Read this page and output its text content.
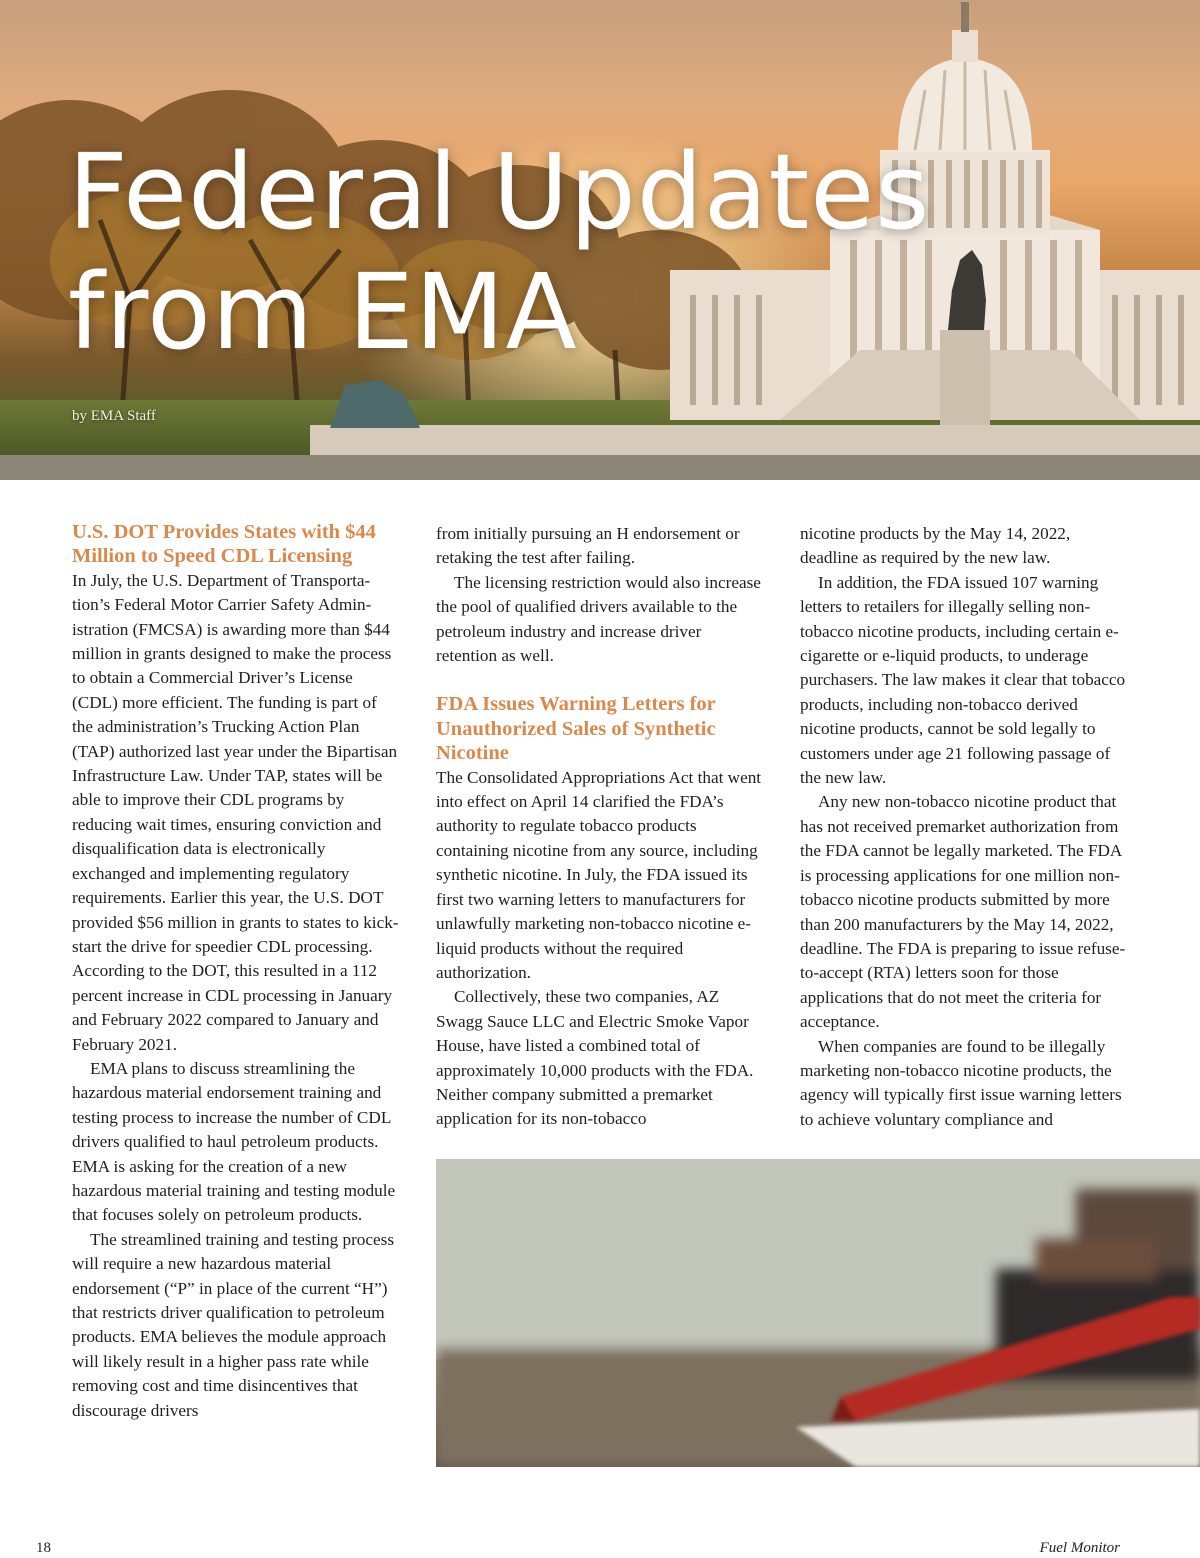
Federal Updates
from EMA
by EMA Staff
U.S. DOT Provides States with $44 Million to Speed CDL Licensing

In July, the U.S. Department of Transportation’s Federal Motor Carrier Safety Administration (FMCSA) is awarding more than $44 million in grants designed to make the process to obtain a Commercial Driver’s License (CDL) more efficient. The funding is part of the administration’s Trucking Action Plan (TAP) authorized last year under the Bipartisan Infrastructure Law. Under TAP, states will be able to improve their CDL programs by reducing wait times, ensuring conviction and disqualification data is electronically exchanged and implementing regulatory requirements. Earlier this year, the U.S. DOT provided $56 million in grants to states to kick-start the drive for speedier CDL processing. According to the DOT, this resulted in a 112 percent increase in CDL processing in January and February 2022 compared to January and February 2021.

EMA plans to discuss streamlining the hazardous material endorsement training and testing process to increase the number of CDL drivers qualified to haul petroleum products. EMA is asking for the creation of a new hazardous material training and testing module that focuses solely on petroleum products.

The streamlined training and testing process will require a new hazardous material endorsement (“P” in place of the current “H”) that restricts driver qualification to petroleum products. EMA believes the module approach will likely result in a higher pass rate while removing cost and time disincentives that discourage drivers

from initially pursuing an H endorsement or retaking the test after failing.

The licensing restriction would also increase the pool of qualified drivers available to the petroleum industry and increase driver retention as well.

FDA Issues Warning Letters for Unauthorized Sales of Synthetic Nicotine

The Consolidated Appropriations Act that went into effect on April 14 clarified the FDA’s authority to regulate tobacco products containing nicotine from any source, including synthetic nicotine. In July, the FDA issued its first two warning letters to manufacturers for unlawfully marketing non-tobacco nicotine e-liquid products without the required authorization.

Collectively, these two companies, AZ Swagg Sauce LLC and Electric Smoke Vapor House, have listed a combined total of approximately 10,000 products with the FDA. Neither company submitted a premarket application for its non-tobacco

nicotine products by the May 14, 2022, deadline as required by the new law.

In addition, the FDA issued 107 warning letters to retailers for illegally selling non-tobacco nicotine products, including certain e-cigarette or e-liquid products, to underage purchasers. The law makes it clear that tobacco products, including non-tobacco derived nicotine products, cannot be sold legally to customers under age 21 following passage of the new law.

Any new non-tobacco nicotine product that has not received premarket authorization from the FDA cannot be legally marketed. The FDA is processing applications for one million non-tobacco nicotine products submitted by more than 200 manufacturers by the May 14, 2022, deadline. The FDA is preparing to issue refuse-to-accept (RTA) letters soon for those applications that do not meet the criteria for acceptance.

When companies are found to be illegally marketing non-tobacco nicotine products, the agency will typically first issue warning letters to achieve voluntary compliance and

18	Fuel Monitor
